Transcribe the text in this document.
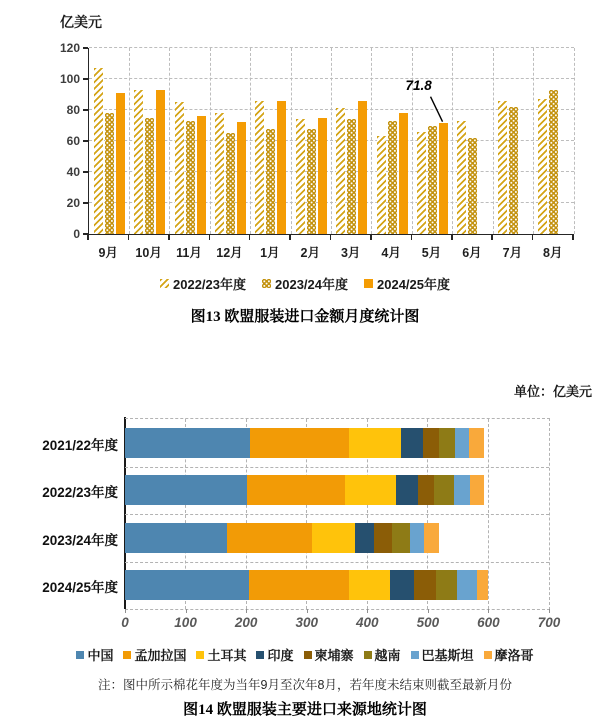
亿美元
71.8
2022/23年度 2023/24年度 2024/25年度
图13 欧盟服装进口金额月度统计图
单位：亿美元
中国 孟加拉国 土耳其 印度 柬埔寨 越南 巴基斯坦 摩洛哥
注：图中所示棉花年度为当年9月至次年8月，若年度未结束则截至最新月份
图14 欧盟服装主要进口来源地统计图
0
20
40
60
80
100
120
9月	10月	11月	12月	1月	2月	3月	4月	5月	6月	7月	8月
2021/22年度
2022/23年度
2023/24年度
2024/25年度
0	100	200	300	400	500	600	700
